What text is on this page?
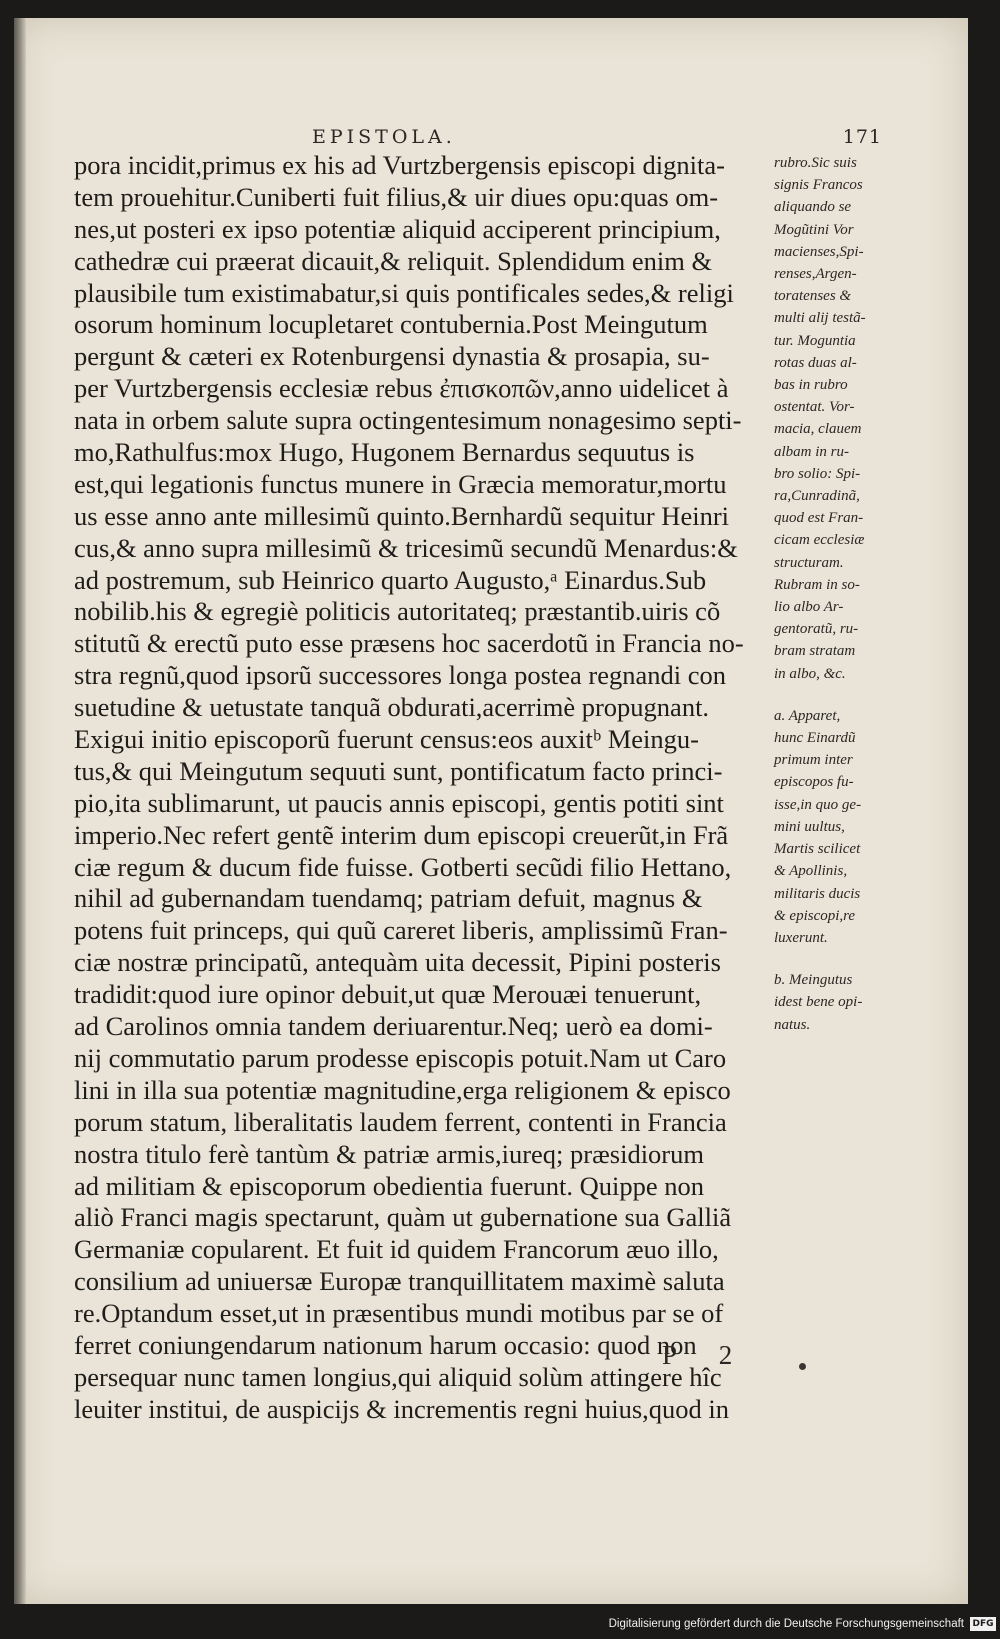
EPISTOLA.	171
pora incidit,primus ex his ad Vurtzbergensis episcopi dignita-
tem prouehitur.Cuniberti fuit filius,& uir diues opu:quas om-
nes,ut posteri ex ipso potentiæ aliquid acciperent principium,
cathedræ cui præerat dicauit,& reliquit. Splendidum enim &
plausibile tum existimabatur,si quis pontificales sedes,& religi
osorum hominum locupletaret contubernia.Post Meingutum
pergunt & cæteri ex Rotenburgensi dynastia & prosapia, su-
per Vurtzbergensis ecclesiæ rebus ἐπισκοπῶν,anno uidelicet à
nata in orbem salute supra octingentesimum nonagesimo septi-
mo,Rathulfus:mox Hugo, Hugonem Bernardus sequutus is
est,qui legationis functus munere in Græcia memoratur,mortu
us esse anno ante millesimũ quinto.Bernhardũ sequitur Heinri
cus,& anno supra millesimũ & tricesimũ secundũ Menardus:&
ad postremum, sub Heinrico quarto Augusto,ᵃ Einardus.Sub
nobilib.his & egregiè politicis autoritateq; præstantib.uiris cõ
stitutũ & erectũ puto esse præsens hoc sacerdotũ in Francia no-
stra regnũ,quod ipsorũ successores longa postea regnandi con
suetudine & uetustate tanquã obdurati,acerrimè propugnant.
Exigui initio episcoporũ fuerunt census:eos auxitᵇ Meingu-
tus,& qui Meingutum sequuti sunt, pontificatum facto princi-
pio,ita sublimarunt, ut paucis annis episcopi, gentis potiti sint
imperio.Nec refert gentẽ interim dum episcopi creuerũt,in Frã
ciæ regum & ducum fide fuisse. Gotberti secũdi filio Hettano,
nihil ad gubernandam tuendamq; patriam defuit, magnus &
potens fuit princeps, qui quũ careret liberis, amplissimũ Fran-
ciæ nostræ principatũ, antequàm uita decessit, Pipini posteris
tradidit:quod iure opinor debuit,ut quæ Merouæi tenuerunt,
ad Carolinos omnia tandem deriuarentur.Neq; uerò ea domi-
nij commutatio parum prodesse episcopis potuit.Nam ut Caro
lini in illa sua potentiæ magnitudine,erga religionem & episco
porum statum, liberalitatis laudem ferrent, contenti in Francia
nostra titulo ferè tantùm & patriæ armis,iureq; præsidiorum
ad militiam & episcoporum obedientia fuerunt. Quippe non
aliò Franci magis spectarunt, quàm ut gubernatione sua Galliã
Germaniæ copularent. Et fuit id quidem Francorum æuo illo,
consilium ad uniuersæ Europæ tranquillitatem maximè saluta
re.Optandum esset,ut in præsentibus mundi motibus par se of
ferret coniungendarum nationum harum occasio: quod non
persequar nunc tamen longius,qui aliquid solùm attingere hîc
leuiter institui, de auspicijs & incrementis regni huius,quod in
rubro.Sic suis
signis Francos
aliquando se
Mogũtini Vor
macienses,Spi-
renses,Argen-
toratenses &
multi alij testã-
tur. Moguntia
rotas duas al-
bas in rubro
ostentat. Vor-
macia, clauem
albam in ru-
bro solio: Spi-
ra,Cunradinã,
quod est Fran-
cicam ecclesiæ
structuram.
Rubram in so-
lio albo Ar-
gentoratũ, ru-
bram stratam
in albo, &c.
a. Apparet,
hunc Einardũ
primum inter
episcopos fu-
isse,in quo ge-
mini uultus,
Martis scilicet
& Apollinis,
militaris ducis
& episcopi,re
luxerunt.
b. Meingutus
idest bene opi-
natus.
P 2
Digitalisierung gefördert durch die Deutsche Forschungsgemeinschaft DFG
